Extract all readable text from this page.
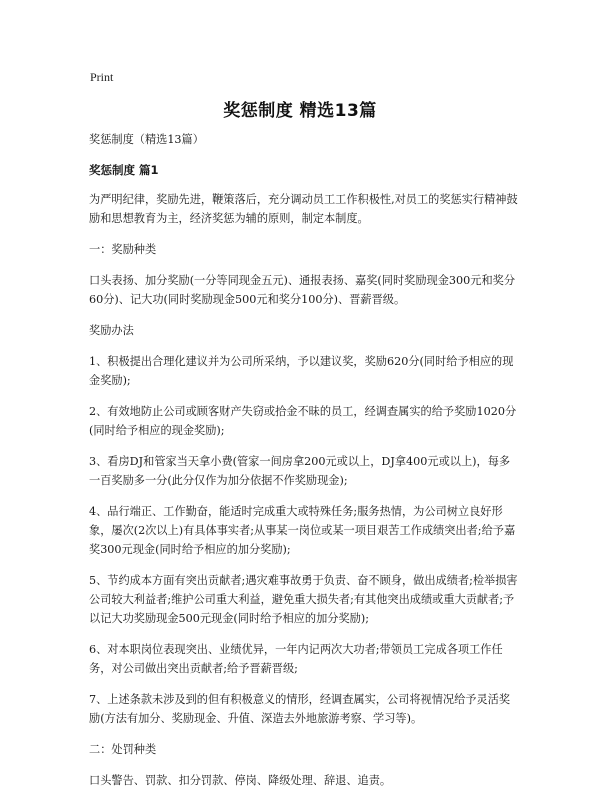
Print
奖惩制度 精选13篇

奖惩制度（精选13篇）

奖惩制度 篇1

为严明纪律，奖励先进，鞭策落后，充分调动员工工作积极性,对员工的奖惩实行精神鼓励和思想教育为主，经济奖惩为辅的原则，制定本制度。

一：奖励种类

口头表扬、加分奖励(一分等同现金五元)、通报表扬、嘉奖(同时奖励现金300元和奖分60分)、记大功(同时奖励现金500元和奖分100分)、晋薪晋级。

奖励办法

1、积极提出合理化建议并为公司所采纳，予以建议奖，奖励620分(同时给予相应的现金奖励);

2、有效地防止公司或顾客财产失窃或拾金不昧的员工，经调查属实的给予奖励1020分(同时给予相应的现金奖励);

3、看房DJ和管家当天拿小费(管家一间房拿200元或以上，DJ拿400元或以上)，每多一百奖励多一分(此分仅作为加分依据不作奖励现金);

4、品行端正、工作勤奋，能适时完成重大或特殊任务;服务热情，为公司树立良好形象，屡次(2次以上)有具体事实者;从事某一岗位或某一项目艰苦工作成绩突出者;给予嘉奖300元现金(同时给予相应的加分奖励);

5、节约成本方面有突出贡献者;遇灾难事故勇于负责、奋不顾身，做出成绩者;检举损害公司较大利益者;维护公司重大利益，避免重大损失者;有其他突出成绩或重大贡献者;予以记大功奖励现金500元现金(同时给予相应的加分奖励);

6、对本职岗位表现突出、业绩优异，一年内记两次大功者;带领员工完成各项工作任务，对公司做出突出贡献者;给予晋薪晋级;

7、上述条款未涉及到的但有积极意义的情形，经调查属实，公司将视情况给予灵活奖励(方法有加分、奖励现金、升值、深造去外地旅游考察、学习等)。

二：处罚种类

口头警告、罚款、扣分罚款、停岗、降级处理、辞退、追责。
